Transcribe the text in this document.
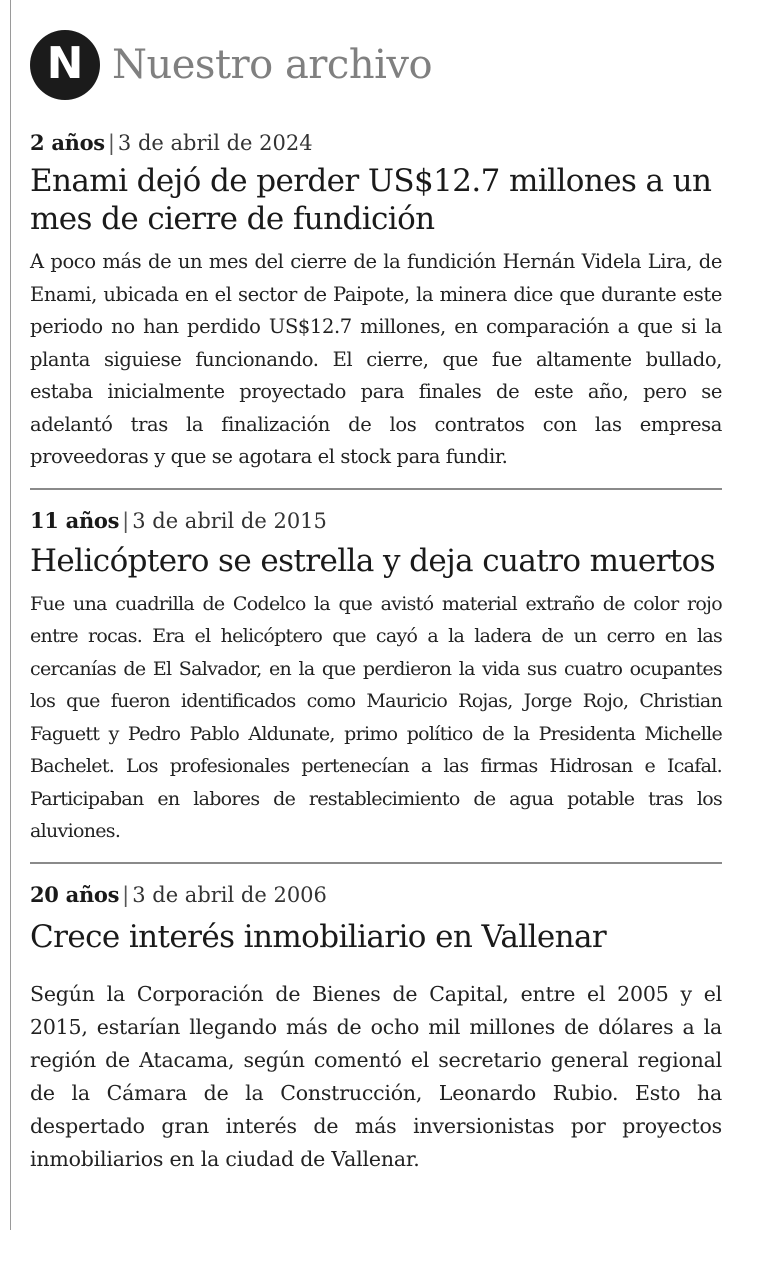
N Nuestro archivo
2 años | 3 de abril de 2024
Enami dejó de perder US$12.7 millones a un mes de cierre de fundición
A poco más de un mes del cierre de la fundición Hernán Videla Lira, de Enami, ubicada en el sector de Paipote, la minera dice que durante este periodo no han perdido US$12.7 millones, en comparación a que si la planta siguiese funcionando. El cierre, que fue altamente bullado, estaba inicialmente proyectado para finales de este año, pero se adelantó tras la finalización de los contratos con las empresa proveedoras y que se agotara el stock para fundir.
11 años | 3 de abril de 2015
Helicóptero se estrella y deja cuatro muertos
Fue una cuadrilla de Codelco la que avistó material extraño de color rojo entre rocas. Era el helicóptero que cayó a la ladera de un cerro en las cercanías de El Salvador, en la que perdieron la vida sus cuatro ocupantes los que fueron identificados como Mauricio Rojas, Jorge Rojo, Christian Faguett y Pedro Pablo Aldunate, primo político de la Presidenta Michelle Bachelet. Los profesionales pertenecían a las firmas Hidrosan e Icafal. Participaban en labores de restablecimiento de agua potable tras los aluviones.
20 años | 3 de abril de 2006
Crece interés inmobiliario en Vallenar
Según la Corporación de Bienes de Capital, entre el 2005 y el 2015, estarían llegando más de ocho mil millones de dólares a la región de Atacama, según comentó el secretario general regional de la Cámara de la Construcción, Leonardo Rubio. Esto ha despertado gran interés de más inversionistas por proyectos inmobiliarios en la ciudad de Vallenar.
